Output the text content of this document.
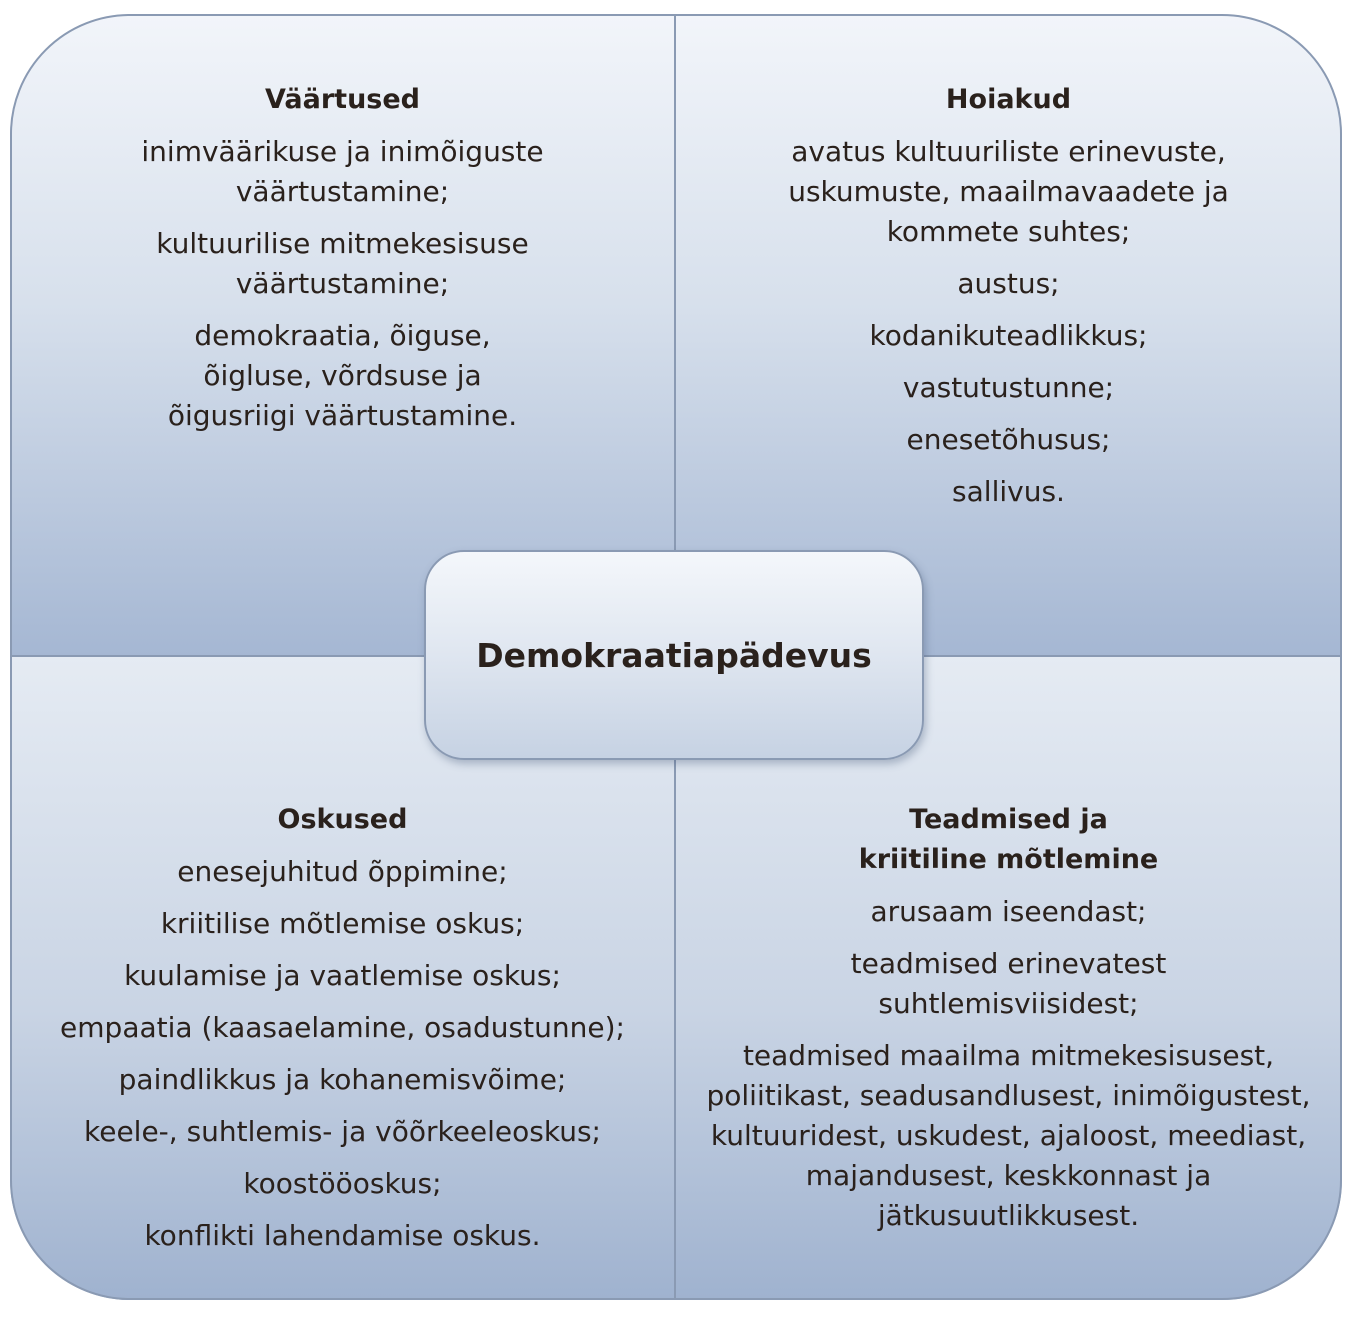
Väärtused
inimväärikuse ja inimõiguste väärtustamine;
kultuurilise mitmekesisuse väärtustamine;
demokraatia, õiguse, õigluse, võrdsuse ja õigusriigi väärtustamine.
Hoiakud
avatus kultuuriliste erinevuste, uskumuste, maailmavaadete ja kommete suhtes;
austus;
kodanikuteadlikkus;
vastutustunne;
enesetõhusus;
sallivus.
Oskused
enesejuhitud õppimine;
kriitilise mõtlemise oskus;
kuulamise ja vaatlemise oskus;
empaatia (kaasaelamine, osadustunne);
paindlikkus ja kohanemisvõime;
keele-, suhtlemis- ja võõrkeeleoskus;
koostööoskus;
konflikti lahendamise oskus.
Teadmised ja kriitiline mõtlemine
arusaam iseendast;
teadmised erinevatest suhtlemisviisidest;
teadmised maailma mitmekesisusest, poliitikast, seadusandlusest, inimõigustest, kultuuridest, uskudest, ajaloost, meediast, majandusest, keskkonnast ja jätkusuutlikkusest.
Demokraatiapädevus
